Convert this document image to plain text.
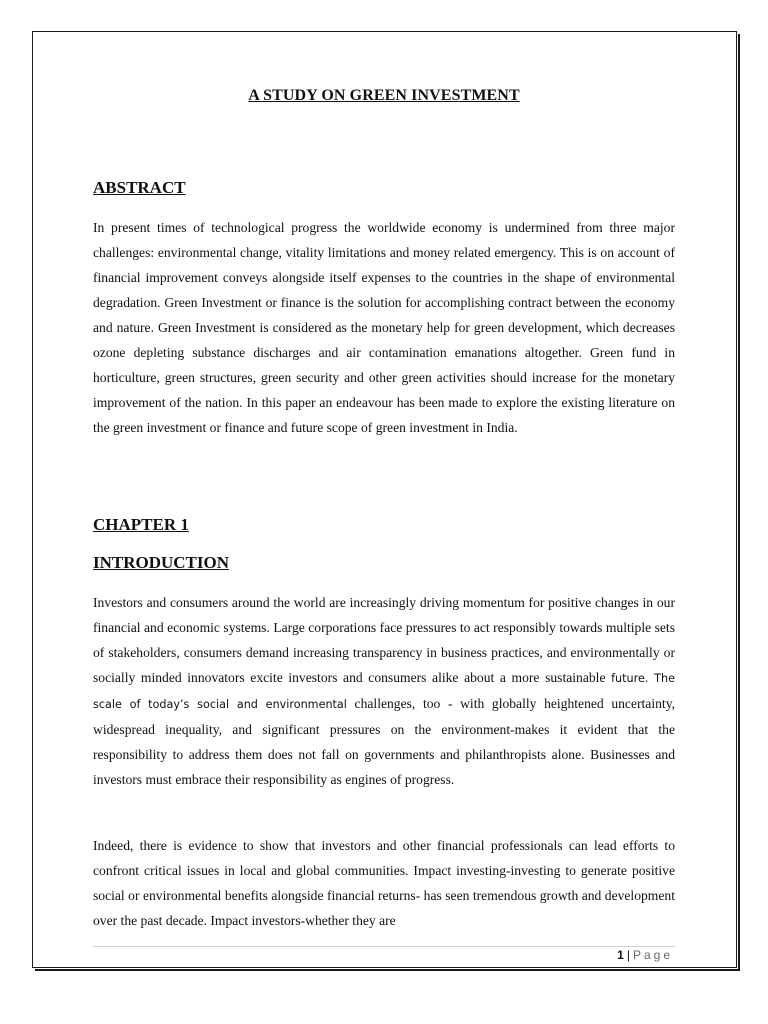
A STUDY ON GREEN INVESTMENT
ABSTRACT
In present times of technological progress the worldwide economy is undermined from three major challenges: environmental change, vitality limitations and money related emergency. This is on account of financial improvement conveys alongside itself expenses to the countries in the shape of environmental degradation. Green Investment or finance is the solution for accomplishing contract between the economy and nature. Green Investment is considered as the monetary help for green development, which decreases ozone depleting substance discharges and air contamination emanations altogether. Green fund in horticulture, green structures, green security and other green activities should increase for the monetary improvement of the nation. In this paper an endeavour has been made to explore the existing literature on the green investment or finance and future scope of green investment in India.
CHAPTER 1
INTRODUCTION
Investors and consumers around the world are increasingly driving momentum for positive changes in our financial and economic systems. Large corporations face pressures to act responsibly towards multiple sets of stakeholders, consumers demand increasing transparency in business practices, and environmentally or socially minded innovators excite investors and consumers alike about a more sustainable future. The scale of today’s social and environmental challenges, too - with globally heightened uncertainty, widespread inequality, and significant pressures on the environment-makes it evident that the responsibility to address them does not fall on governments and philanthropists alone. Businesses and investors must embrace their responsibility as engines of progress.
Indeed, there is evidence to show that investors and other financial professionals can lead efforts to confront critical issues in local and global communities. Impact investing-investing to generate positive social or environmental benefits alongside financial returns- has seen tremendous growth and development over the past decade. Impact investors-whether they are
1 | Page
